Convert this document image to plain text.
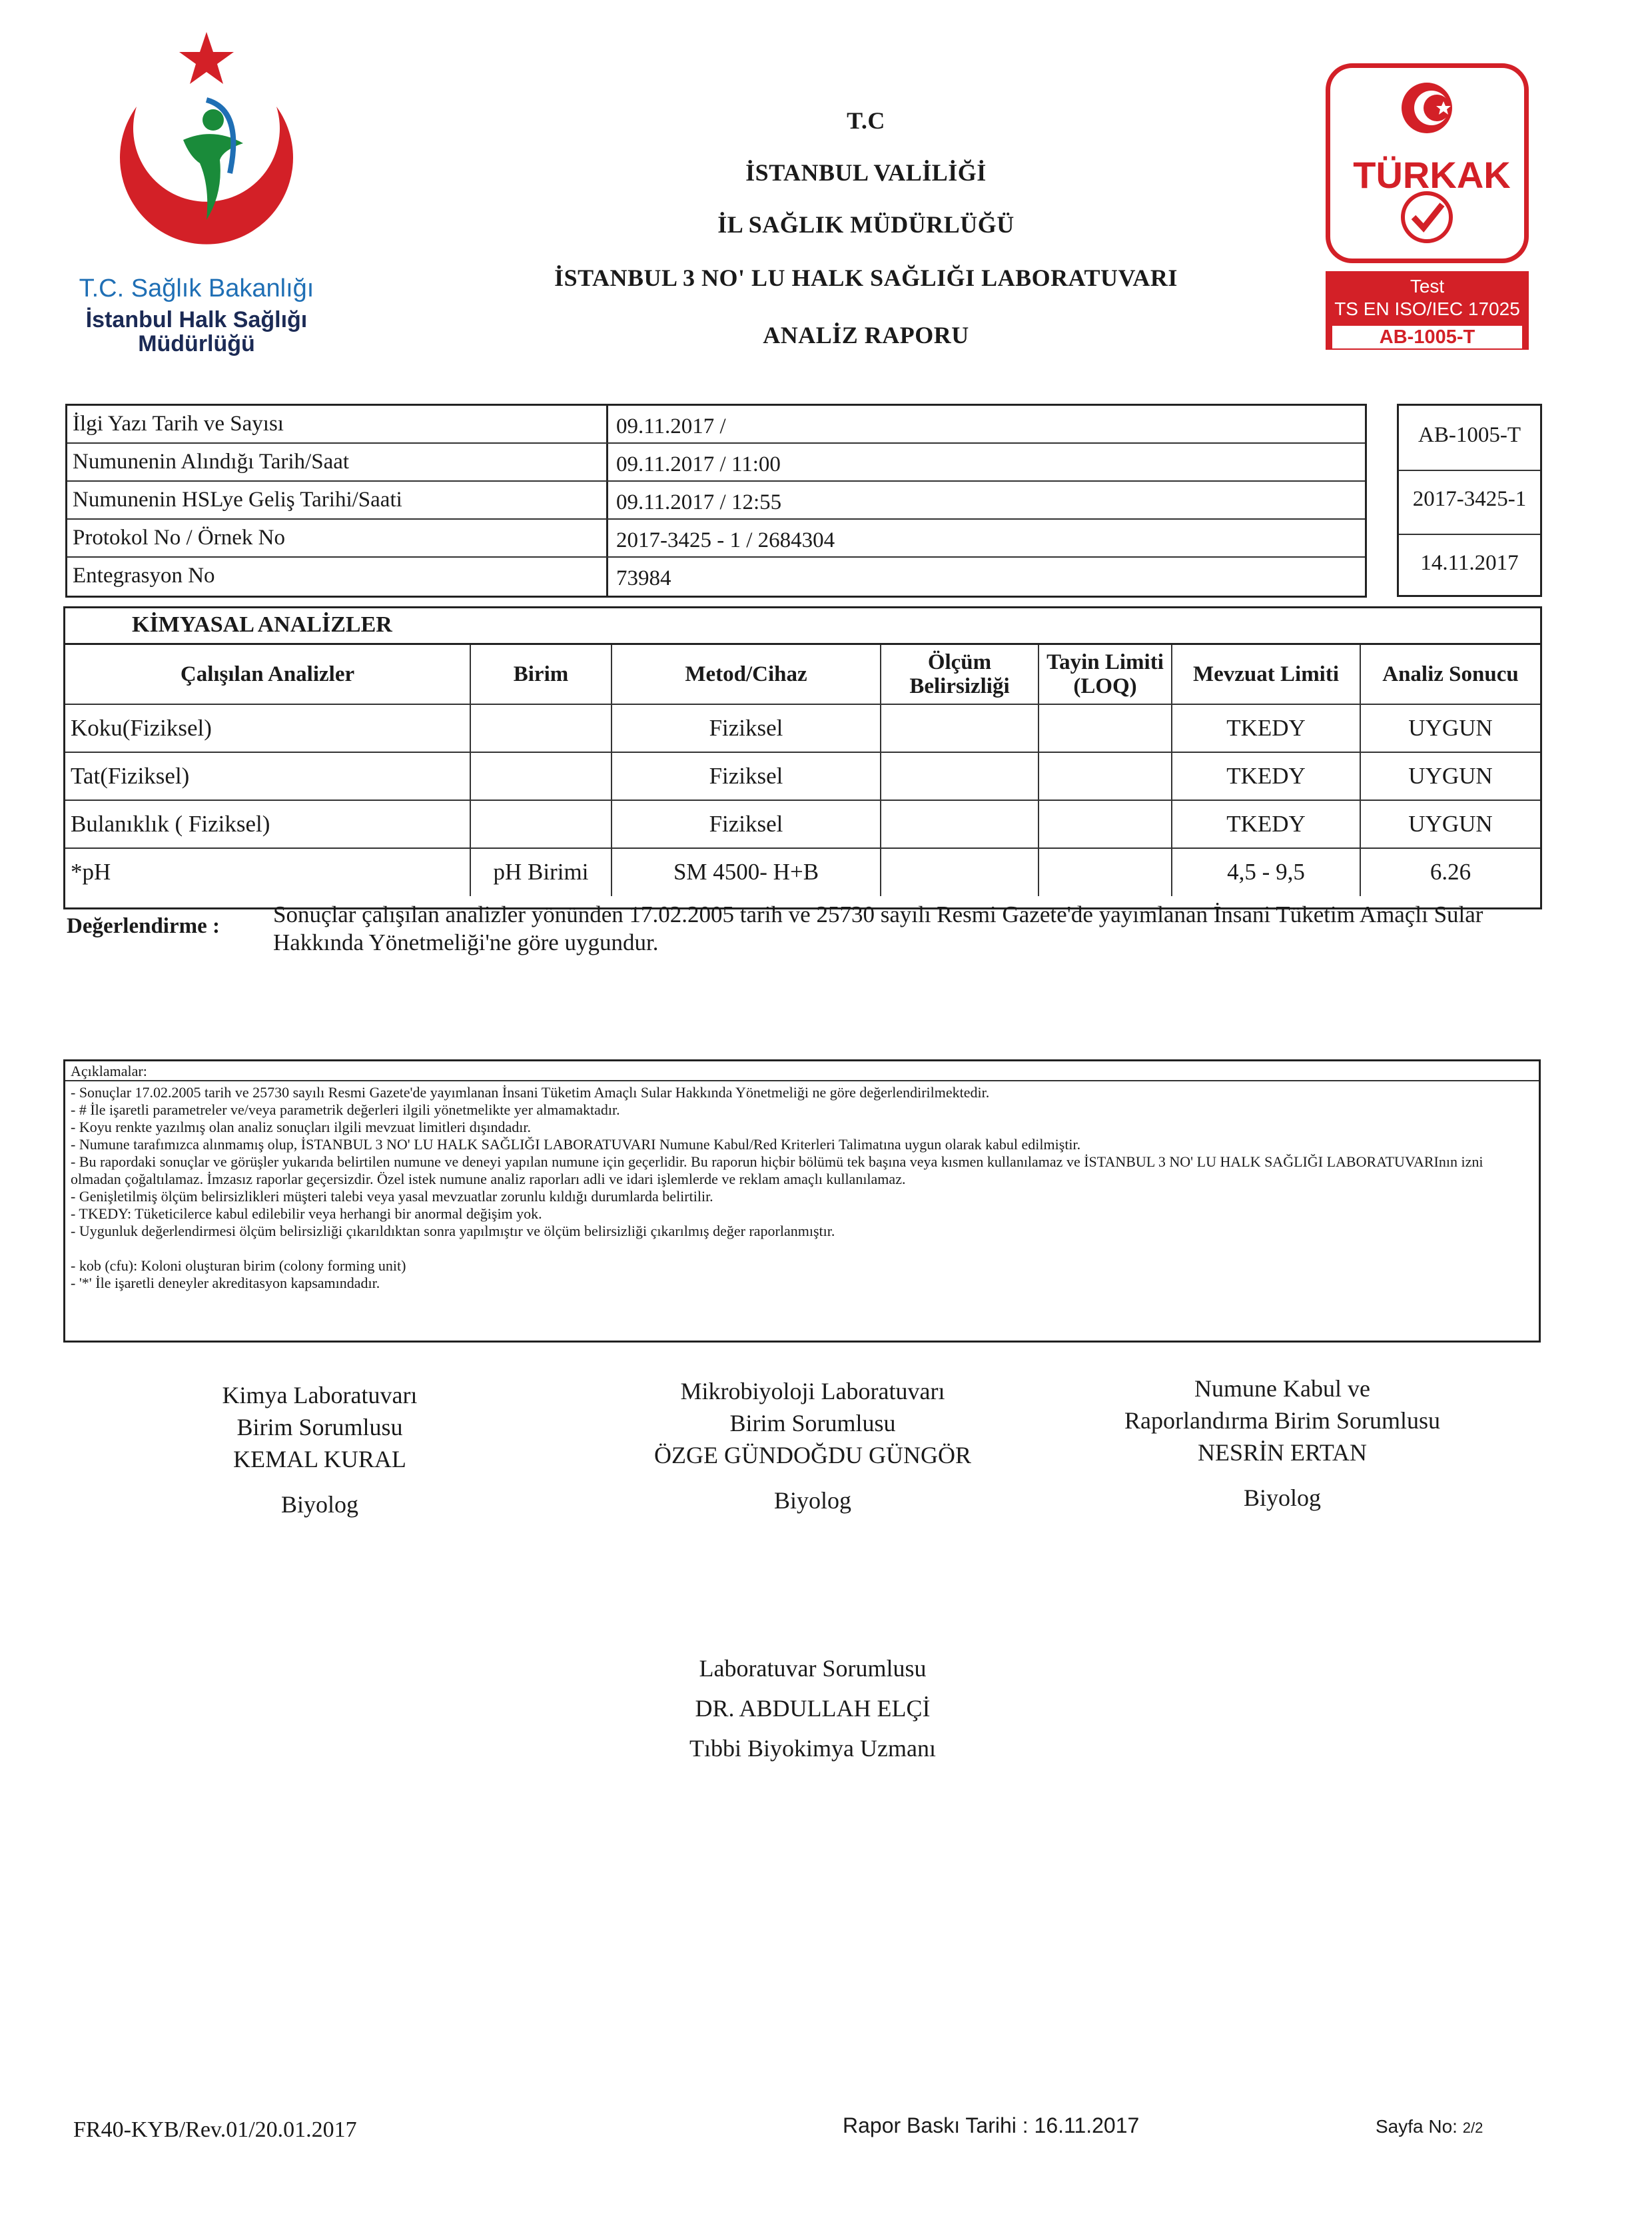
T.C. Sağlık Bakanlığı
İstanbul Halk Sağlığı
Müdürlüğü
T.C
İSTANBUL VALİLİĞİ
İL SAĞLIK MÜDÜRLÜĞÜ
İSTANBUL 3 NO' LU HALK SAĞLIĞI LABORATUVARI
ANALİZ RAPORU
TÜRKAK
Test
TS EN ISO/IEC 17025
AB-1005-T
İlgi Yazı Tarih ve Sayısı	09.11.2017 /
Numunenin Alındığı Tarih/Saat	09.11.2017 / 11:00
Numunenin HSLye Geliş Tarihi/Saati	09.11.2017 / 12:55
Protokol No / Örnek No	2017-3425 - 1 / 2684304
Entegrasyon No	73984
AB-1005-T
2017-3425-1
14.11.2017
KİMYASAL ANALİZLER
Çalışılan Analizler	Birim	Metod/Cihaz	Ölçüm Belirsizliği	Tayin Limiti (LOQ)	Mevzuat Limiti	Analiz Sonucu
Koku(Fiziksel)		Fiziksel			TKEDY	UYGUN
Tat(Fiziksel)		Fiziksel			TKEDY	UYGUN
Bulanıklık ( Fiziksel)		Fiziksel			TKEDY	UYGUN
*pH	pH Birimi	SM 4500- H+B			4,5 - 9,5	6.26
Değerlendirme : Sonuçlar çalışılan analizler yönünden 17.02.2005 tarih ve 25730 sayılı Resmi Gazete'de yayımlanan İnsani Tüketim Amaçlı Sular Hakkında Yönetmeliği'ne göre uygundur.
Açıklamalar:
- Sonuçlar 17.02.2005 tarih ve 25730 sayılı Resmi Gazete'de yayımlanan İnsani Tüketim Amaçlı Sular Hakkında Yönetmeliği ne göre değerlendirilmektedir.
- # İle işaretli parametreler ve/veya parametrik değerleri ilgili yönetmelikte yer almamaktadır.
- Koyu renkte yazılmış olan analiz sonuçları ilgili mevzuat limitleri dışındadır.
- Numune tarafımızca alınmamış olup, İSTANBUL 3 NO' LU HALK SAĞLIĞI LABORATUVARI Numune Kabul/Red Kriterleri Talimatına uygun olarak kabul edilmiştir.
- Bu rapordaki sonuçlar ve görüşler yukarıda belirtilen numune ve deneyi yapılan numune için geçerlidir. Bu raporun hiçbir bölümü tek başına veya kısmen kullanılamaz ve İSTANBUL 3 NO' LU HALK SAĞLIĞI LABORATUVARInın izni olmadan çoğaltılamaz. İmzasız raporlar geçersizdir. Özel istek numune analiz raporları adli ve idari işlemlerde ve reklam amaçlı kullanılamaz.
- Genişletilmiş ölçüm belirsizlikleri müşteri talebi veya yasal mevzuatlar zorunlu kıldığı durumlarda belirtilir.
- TKEDY: Tüketicilerce kabul edilebilir veya herhangi bir anormal değişim yok.
- Uygunluk değerlendirmesi ölçüm belirsizliği çıkarıldıktan sonra yapılmıştır ve ölçüm belirsizliği çıkarılmış değer raporlanmıştır.
- kob (cfu): Koloni oluşturan birim (colony forming unit)
- '*' İle işaretli deneyler akreditasyon kapsamındadır.
Kimya Laboratuvarı
Birim Sorumlusu
KEMAL KURAL
Biyolog
Mikrobiyoloji Laboratuvarı
Birim Sorumlusu
ÖZGE GÜNDOĞDU GÜNGÖR
Biyolog
Numune Kabul ve
Raporlandırma Birim Sorumlusu
NESRİN ERTAN
Biyolog
Laboratuvar Sorumlusu
DR. ABDULLAH ELÇİ
Tıbbi Biyokimya Uzmanı
FR40-KYB/Rev.01/20.01.2017	Rapor Baskı Tarihi : 16.11.2017	Sayfa No: 2/2
